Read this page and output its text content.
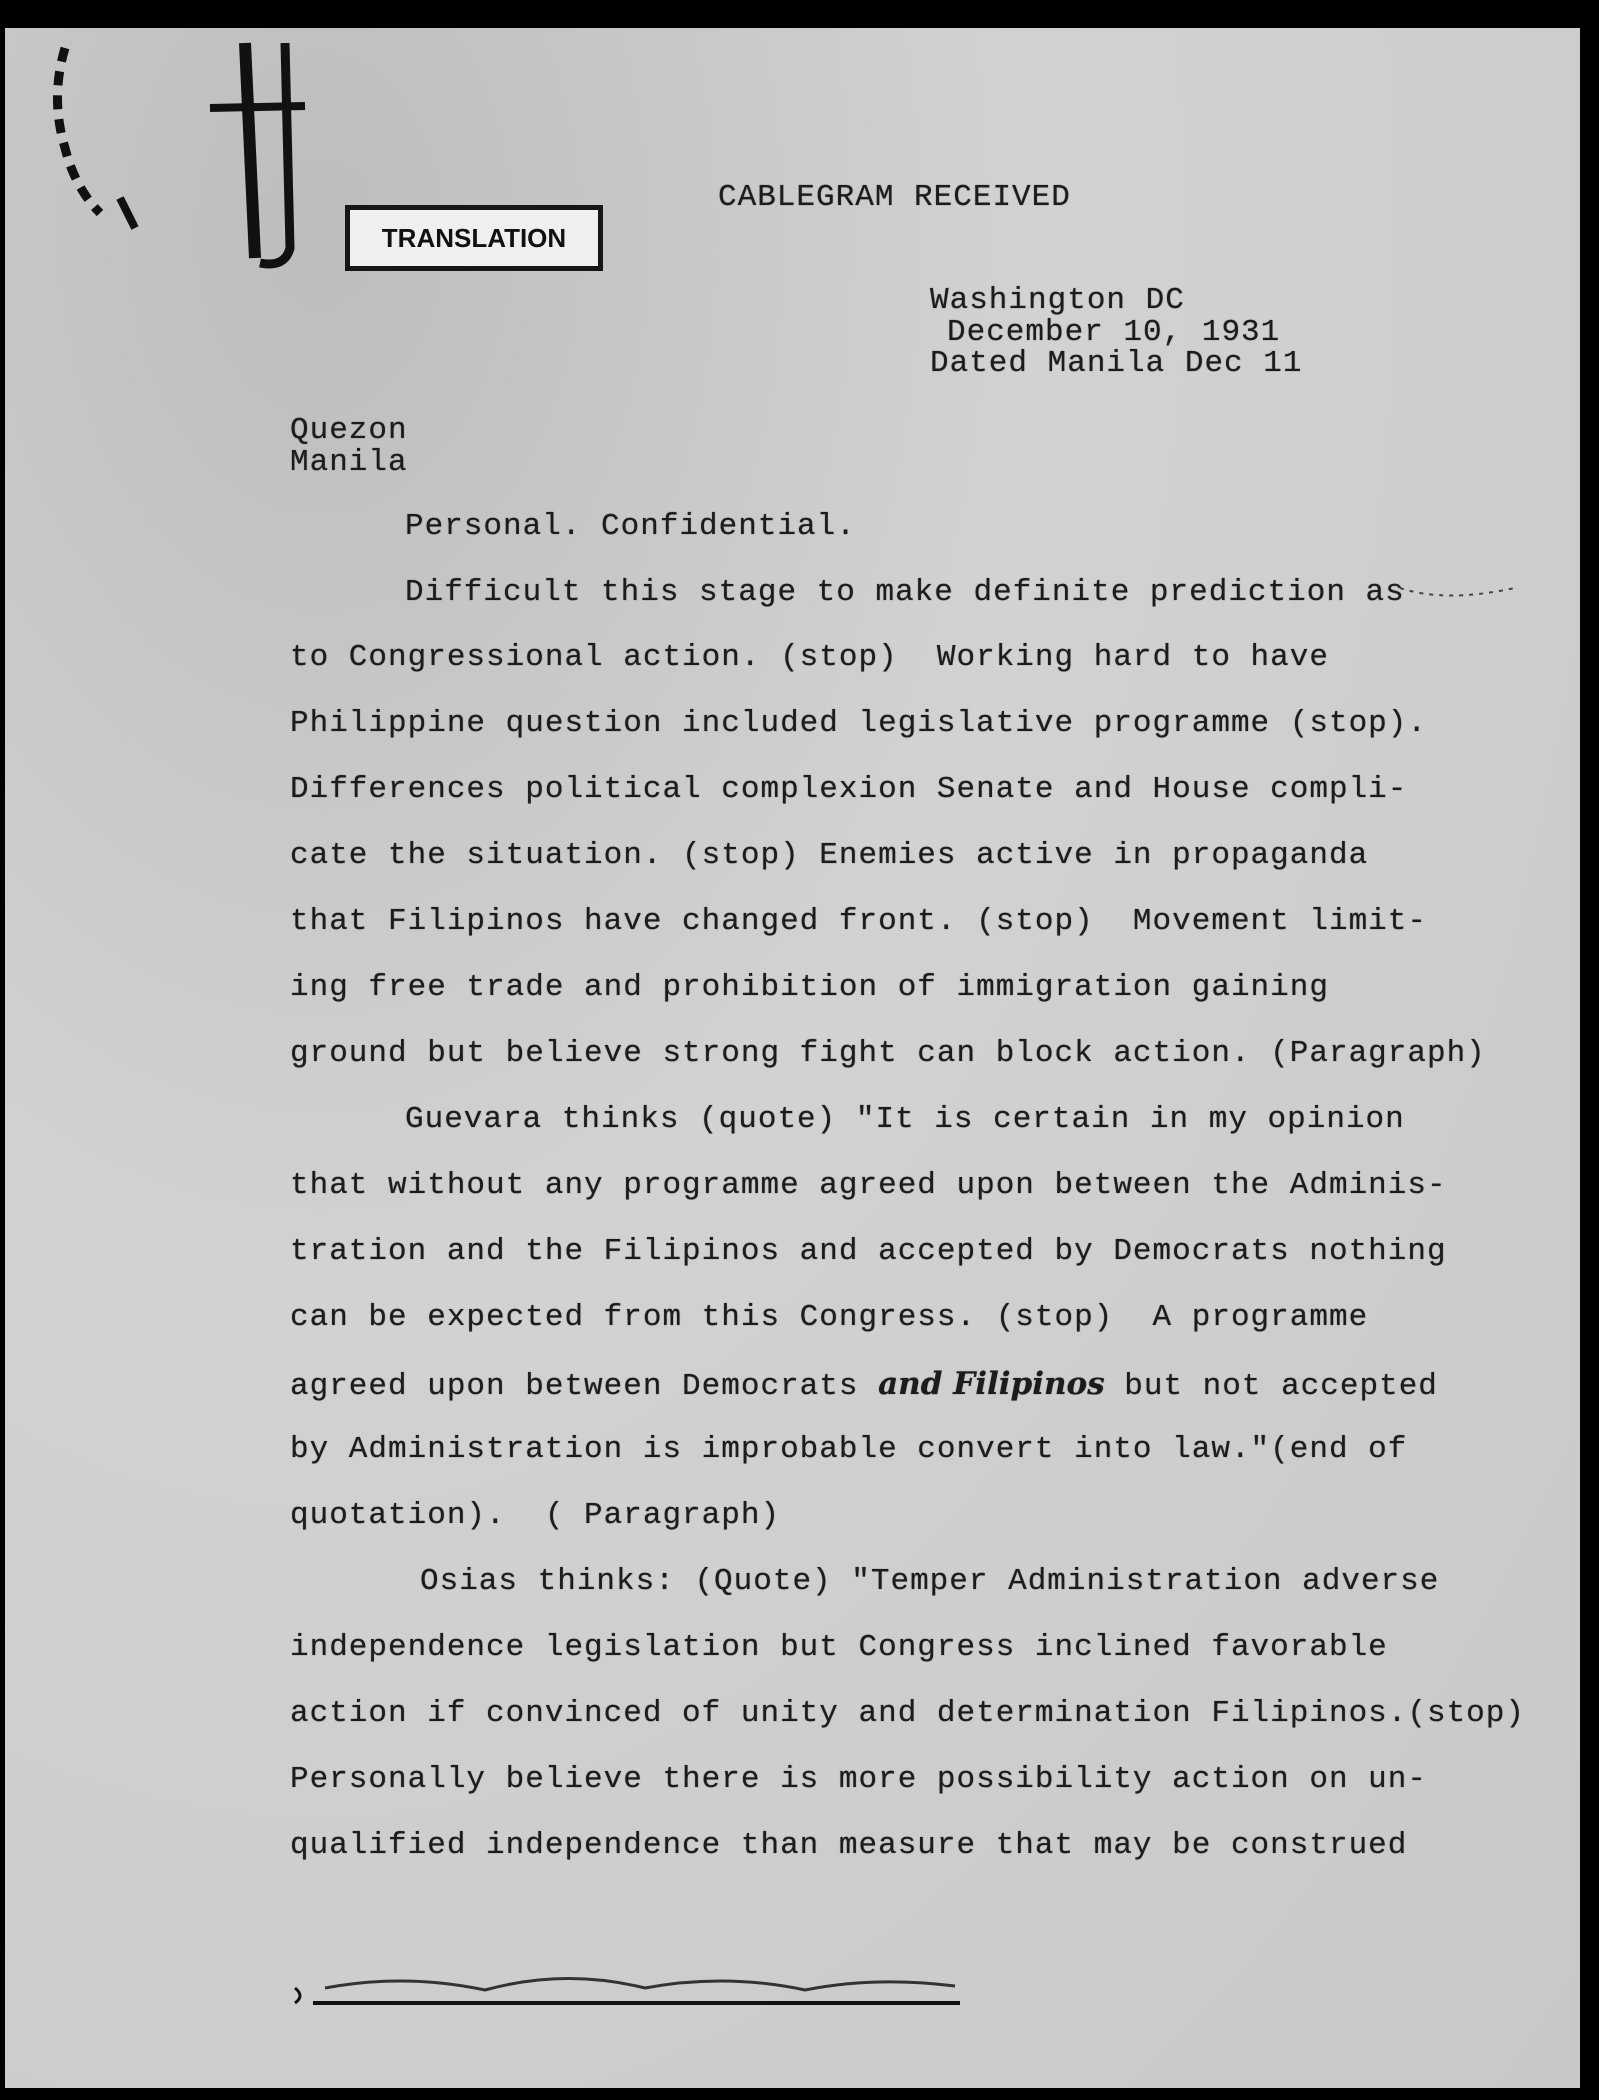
TRANSLATION
CABLEGRAM RECEIVED
Washington DC
December 10, 1931
Dated Manila Dec 11
Quezon
Manila
Personal. Confidential.
Difficult this stage to make definite prediction as
to Congressional action. (stop)  Working hard to have
Philippine question included legislative programme (stop).
Differences political complexion Senate and House compli-
cate the situation. (stop) Enemies active in propaganda
that Filipinos have changed front. (stop)  Movement limit-
ing free trade and prohibition of immigration gaining
ground but believe strong fight can block action. (Paragraph)
Guevara thinks (quote) "It is certain in my opinion
that without any programme agreed upon between the Adminis-
tration and the Filipinos and accepted by Democrats nothing
can be expected from this Congress. (stop)  A programme
agreed upon between Democrats and Filipinos but not accepted
by Administration is improbable convert into law."(end of
quotation).  ( Paragraph)
Osias thinks: (Quote) "Temper Administration adverse
independence legislation but Congress inclined favorable
action if convinced of unity and determination Filipinos.(stop)
Personally believe there is more possibility action on un-
qualified independence than measure that may be construed
